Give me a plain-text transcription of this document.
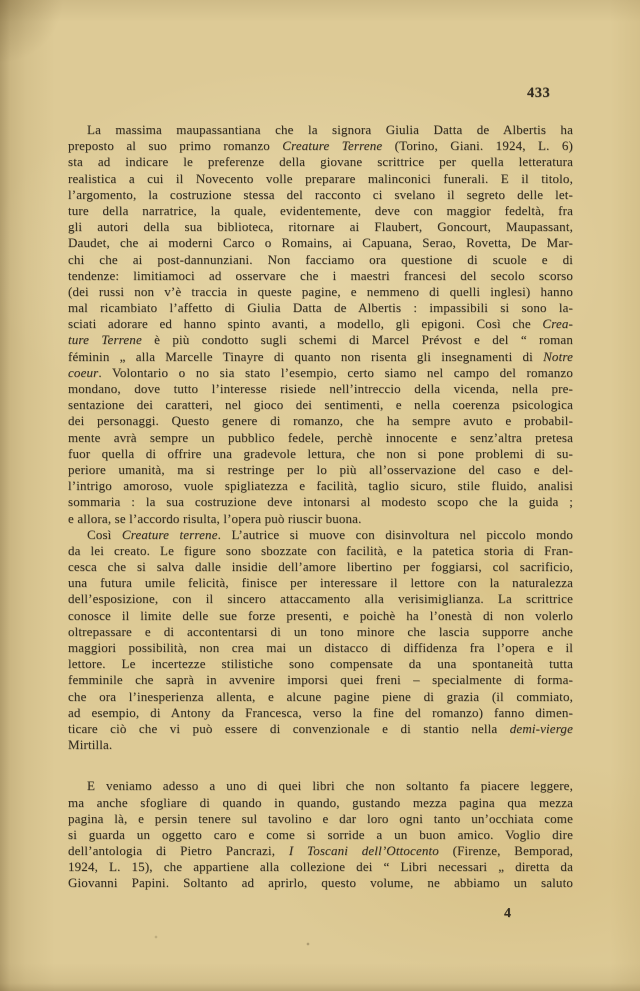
433
La massima maupassantiana che la signora Giulia Datta de Albertis ha
preposto al suo primo romanzo Creature Terrene (Torino, Giani. 1924, L. 6)
sta ad indicare le preferenze della giovane scrittrice per quella letteratura
realistica a cui il Novecento volle preparare malinconici funerali. E il titolo,
l’argomento, la costruzione stessa del racconto ci svelano il segreto delle let-
ture della narratrice, la quale, evidentemente, deve con maggior fedeltà, fra
gli autori della sua biblioteca, ritornare ai Flaubert, Goncourt, Maupassant,
Daudet, che ai moderni Carco o Romains, ai Capuana, Serao, Rovetta, De Mar-
chi che ai post-dannunziani. Non facciamo ora questione di scuole e di
tendenze: limitiamoci ad osservare che i maestri francesi del secolo scorso
(dei russi non v’è traccia in queste pagine, e nemmeno di quelli inglesi) hanno
mal ricambiato l’affetto di Giulia Datta de Albertis : impassibili si sono la-
sciati adorare ed hanno spinto avanti, a modello, gli epigoni. Così che Crea-
ture Terrene è più condotto sugli schemi di Marcel Prévost e del “ roman
féminin „ alla Marcelle Tinayre di quanto non risenta gli insegnamenti di Notre
coeur. Volontario o no sia stato l’esempio, certo siamo nel campo del romanzo
mondano, dove tutto l’interesse risiede nell’intreccio della vicenda, nella pre-
sentazione dei caratteri, nel gioco dei sentimenti, e nella coerenza psicologica
dei personaggi. Questo genere di romanzo, che ha sempre avuto e probabil-
mente avrà sempre un pubblico fedele, perchè innocente e senz’altra pretesa
fuor quella di offrire una gradevole lettura, che non si pone problemi di su-
periore umanità, ma si restringe per lo più all’osservazione del caso e del-
l’intrigo amoroso, vuole spigliatezza e facilità, taglio sicuro, stile fluido, analisi
sommaria : la sua costruzione deve intonarsi al modesto scopo che la guida ;
e allora, se l’accordo risulta, l’opera può riuscir buona.
Così Creature terrene. L’autrice si muove con disinvoltura nel piccolo mondo
da lei creato. Le figure sono sbozzate con facilità, e la patetica storia di Fran-
cesca che si salva dalle insidie dell’amore libertino per foggiarsi, col sacrificio,
una futura umile felicità, finisce per interessare il lettore con la naturalezza
dell’esposizione, con il sincero attaccamento alla verisimiglianza. La scrittrice
conosce il limite delle sue forze presenti, e poichè ha l’onestà di non volerlo
oltrepassare e di accontentarsi di un tono minore che lascia supporre anche
maggiori possibilità, non crea mai un distacco di diffidenza fra l’opera e il
lettore. Le incertezze stilistiche sono compensate da una spontaneità tutta
femminile che saprà in avvenire imporsi quei freni – specialmente di forma-
che ora l’inesperienza allenta, e alcune pagine piene di grazia (il commiato,
ad esempio, di Antony da Francesca, verso la fine del romanzo) fanno dimen-
ticare ciò che vi può essere di convenzionale e di stantio nella demi-vierge
Mirtilla.
E veniamo adesso a uno di quei libri che non soltanto fa piacere leggere,
ma anche sfogliare di quando in quando, gustando mezza pagina qua mezza
pagina là, e persin tenere sul tavolino e dar loro ogni tanto un’occhiata come
si guarda un oggetto caro e come si sorride a un buon amico. Voglio dire
dell’antologia di Pietro Pancrazi, I Toscani dell’Ottocento (Firenze, Bemporad,
1924, L. 15), che appartiene alla collezione dei “ Libri necessari „ diretta da
Giovanni Papini. Soltanto ad aprirlo, questo volume, ne abbiamo un saluto
4
